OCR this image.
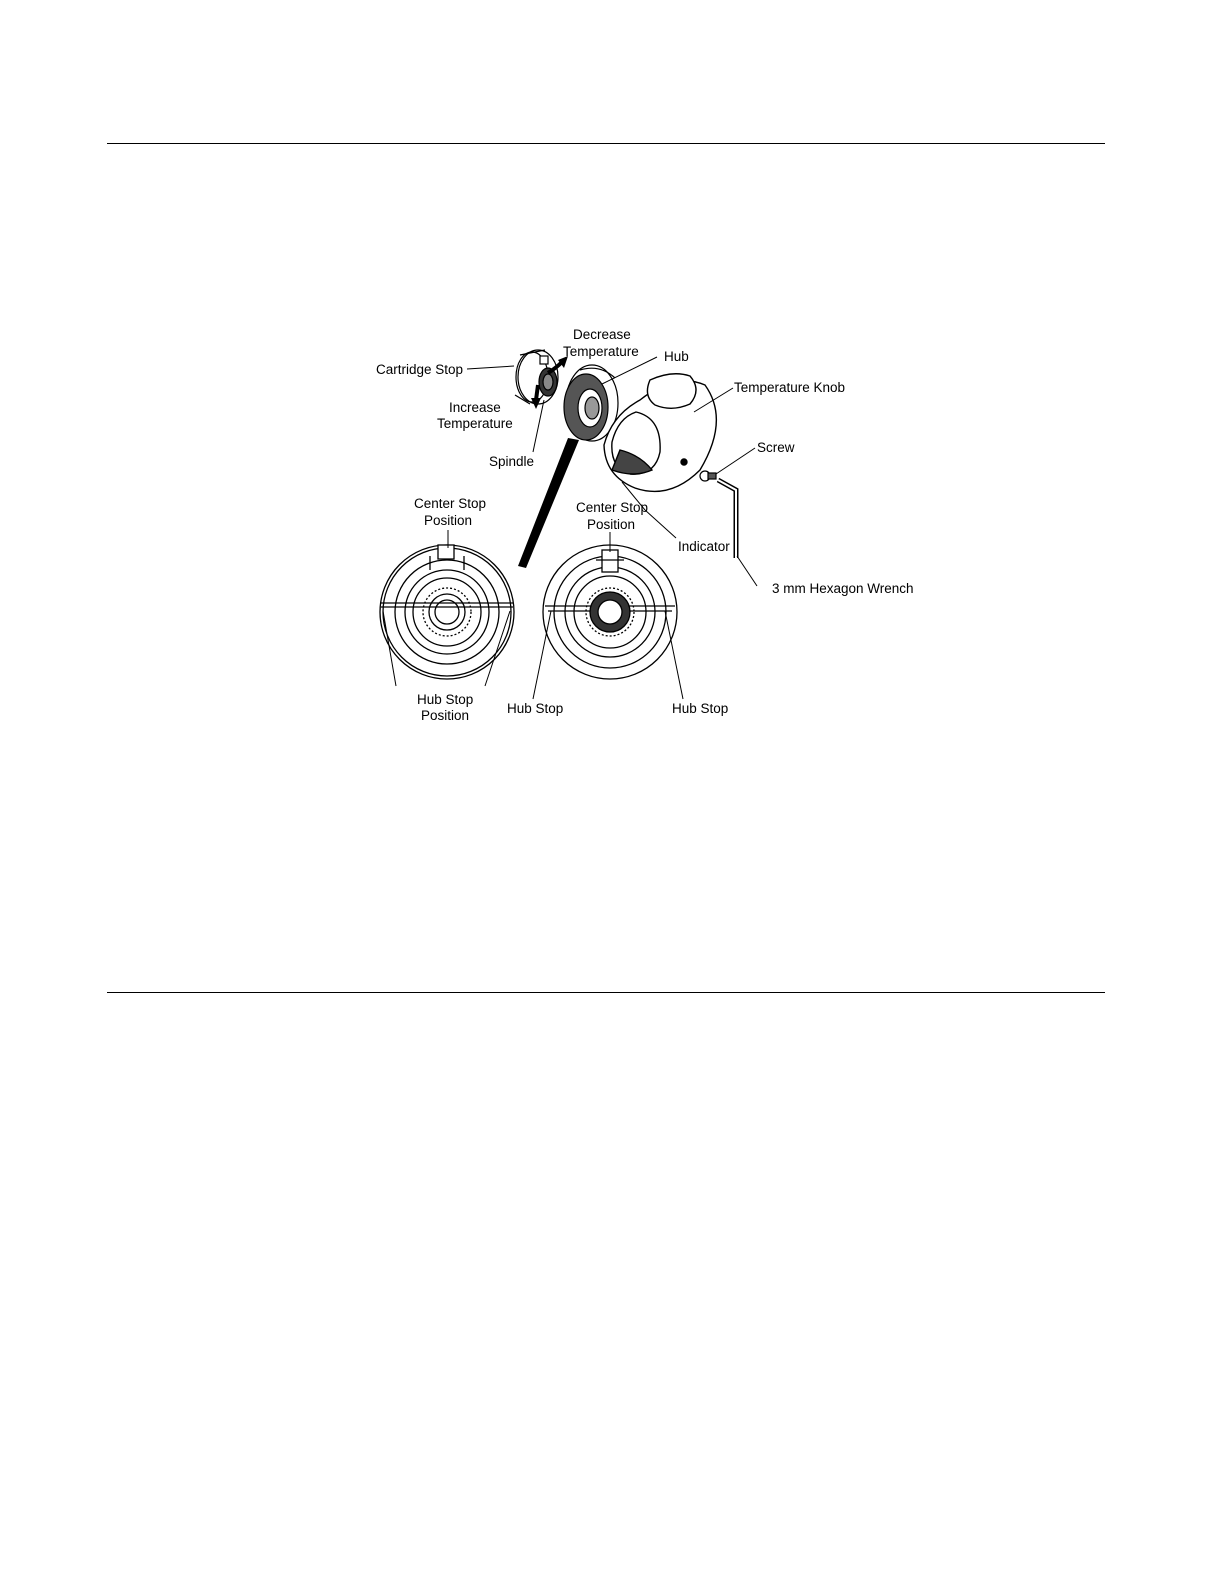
Decrease
Temperature Hub
Cartridge Stop
Temperature Knob
Increase
Temperature
Screw
Spindle
Center Stop
Position
Center Stop
Position
Indicator
3 mm Hexagon Wrench
Hub Stop
Position	Hub Stop	Hub Stop
